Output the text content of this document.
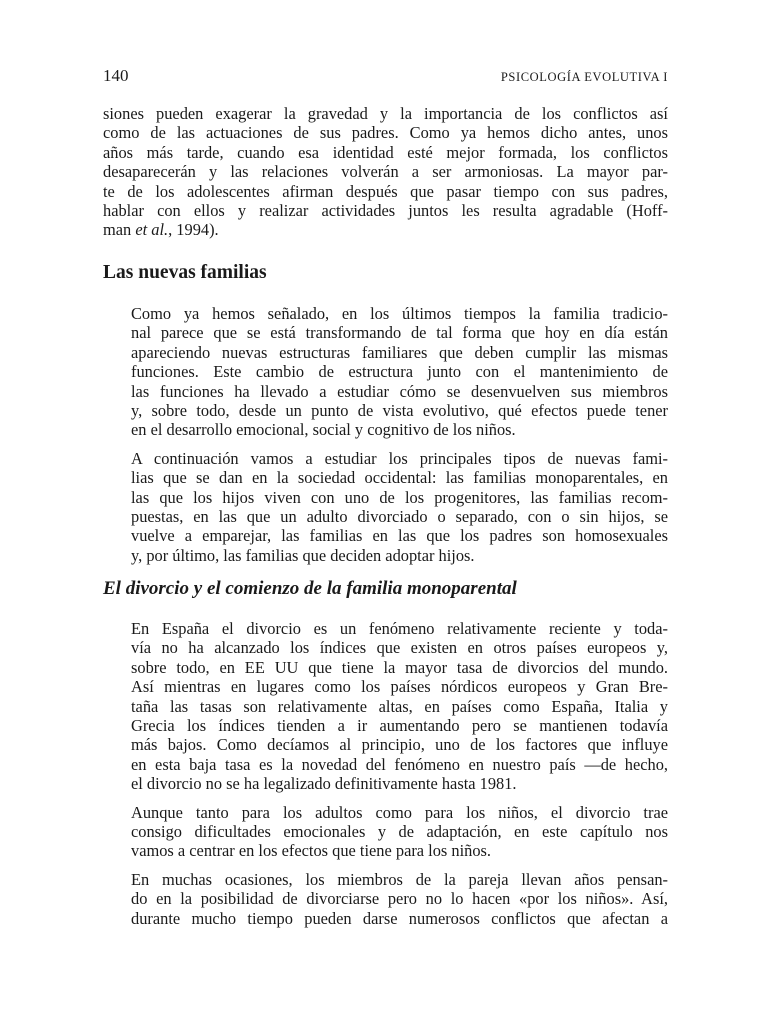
140	PSICOLOGÍA EVOLUTIVA I

siones pueden exagerar la gravedad y la importancia de los conflictos así
como de las actuaciones de sus padres. Como ya hemos dicho antes, unos
años más tarde, cuando esa identidad esté mejor formada, los conflictos
desaparecerán y las relaciones volverán a ser armoniosas. La mayor par-
te de los adolescentes afirman después que pasar tiempo con sus padres,
hablar con ellos y realizar actividades juntos les resulta agradable (Hoff-
man et al., 1994).

Las nuevas familias

Como ya hemos señalado, en los últimos tiempos la familia tradicio-
nal parece que se está transformando de tal forma que hoy en día están
apareciendo nuevas estructuras familiares que deben cumplir las mismas
funciones. Este cambio de estructura junto con el mantenimiento de
las funciones ha llevado a estudiar cómo se desenvuelven sus miembros
y, sobre todo, desde un punto de vista evolutivo, qué efectos puede tener
en el desarrollo emocional, social y cognitivo de los niños.

A continuación vamos a estudiar los principales tipos de nuevas fami-
lias que se dan en la sociedad occidental: las familias monoparentales, en
las que los hijos viven con uno de los progenitores, las familias recom-
puestas, en las que un adulto divorciado o separado, con o sin hijos, se
vuelve a emparejar, las familias en las que los padres son homosexuales
y, por último, las familias que deciden adoptar hijos.

El divorcio y el comienzo de la familia monoparental

En España el divorcio es un fenómeno relativamente reciente y toda-
vía no ha alcanzado los índices que existen en otros países europeos y,
sobre todo, en EE UU que tiene la mayor tasa de divorcios del mundo.
Así mientras en lugares como los países nórdicos europeos y Gran Bre-
taña las tasas son relativamente altas, en países como España, Italia y
Grecia los índices tienden a ir aumentando pero se mantienen todavía
más bajos. Como decíamos al principio, uno de los factores que influye
en esta baja tasa es la novedad del fenómeno en nuestro país —de hecho,
el divorcio no se ha legalizado definitivamente hasta 1981.

Aunque tanto para los adultos como para los niños, el divorcio trae
consigo dificultades emocionales y de adaptación, en este capítulo nos
vamos a centrar en los efectos que tiene para los niños.

En muchas ocasiones, los miembros de la pareja llevan años pensan-
do en la posibilidad de divorciarse pero no lo hacen «por los niños». Así,
durante mucho tiempo pueden darse numerosos conflictos que afectan a
